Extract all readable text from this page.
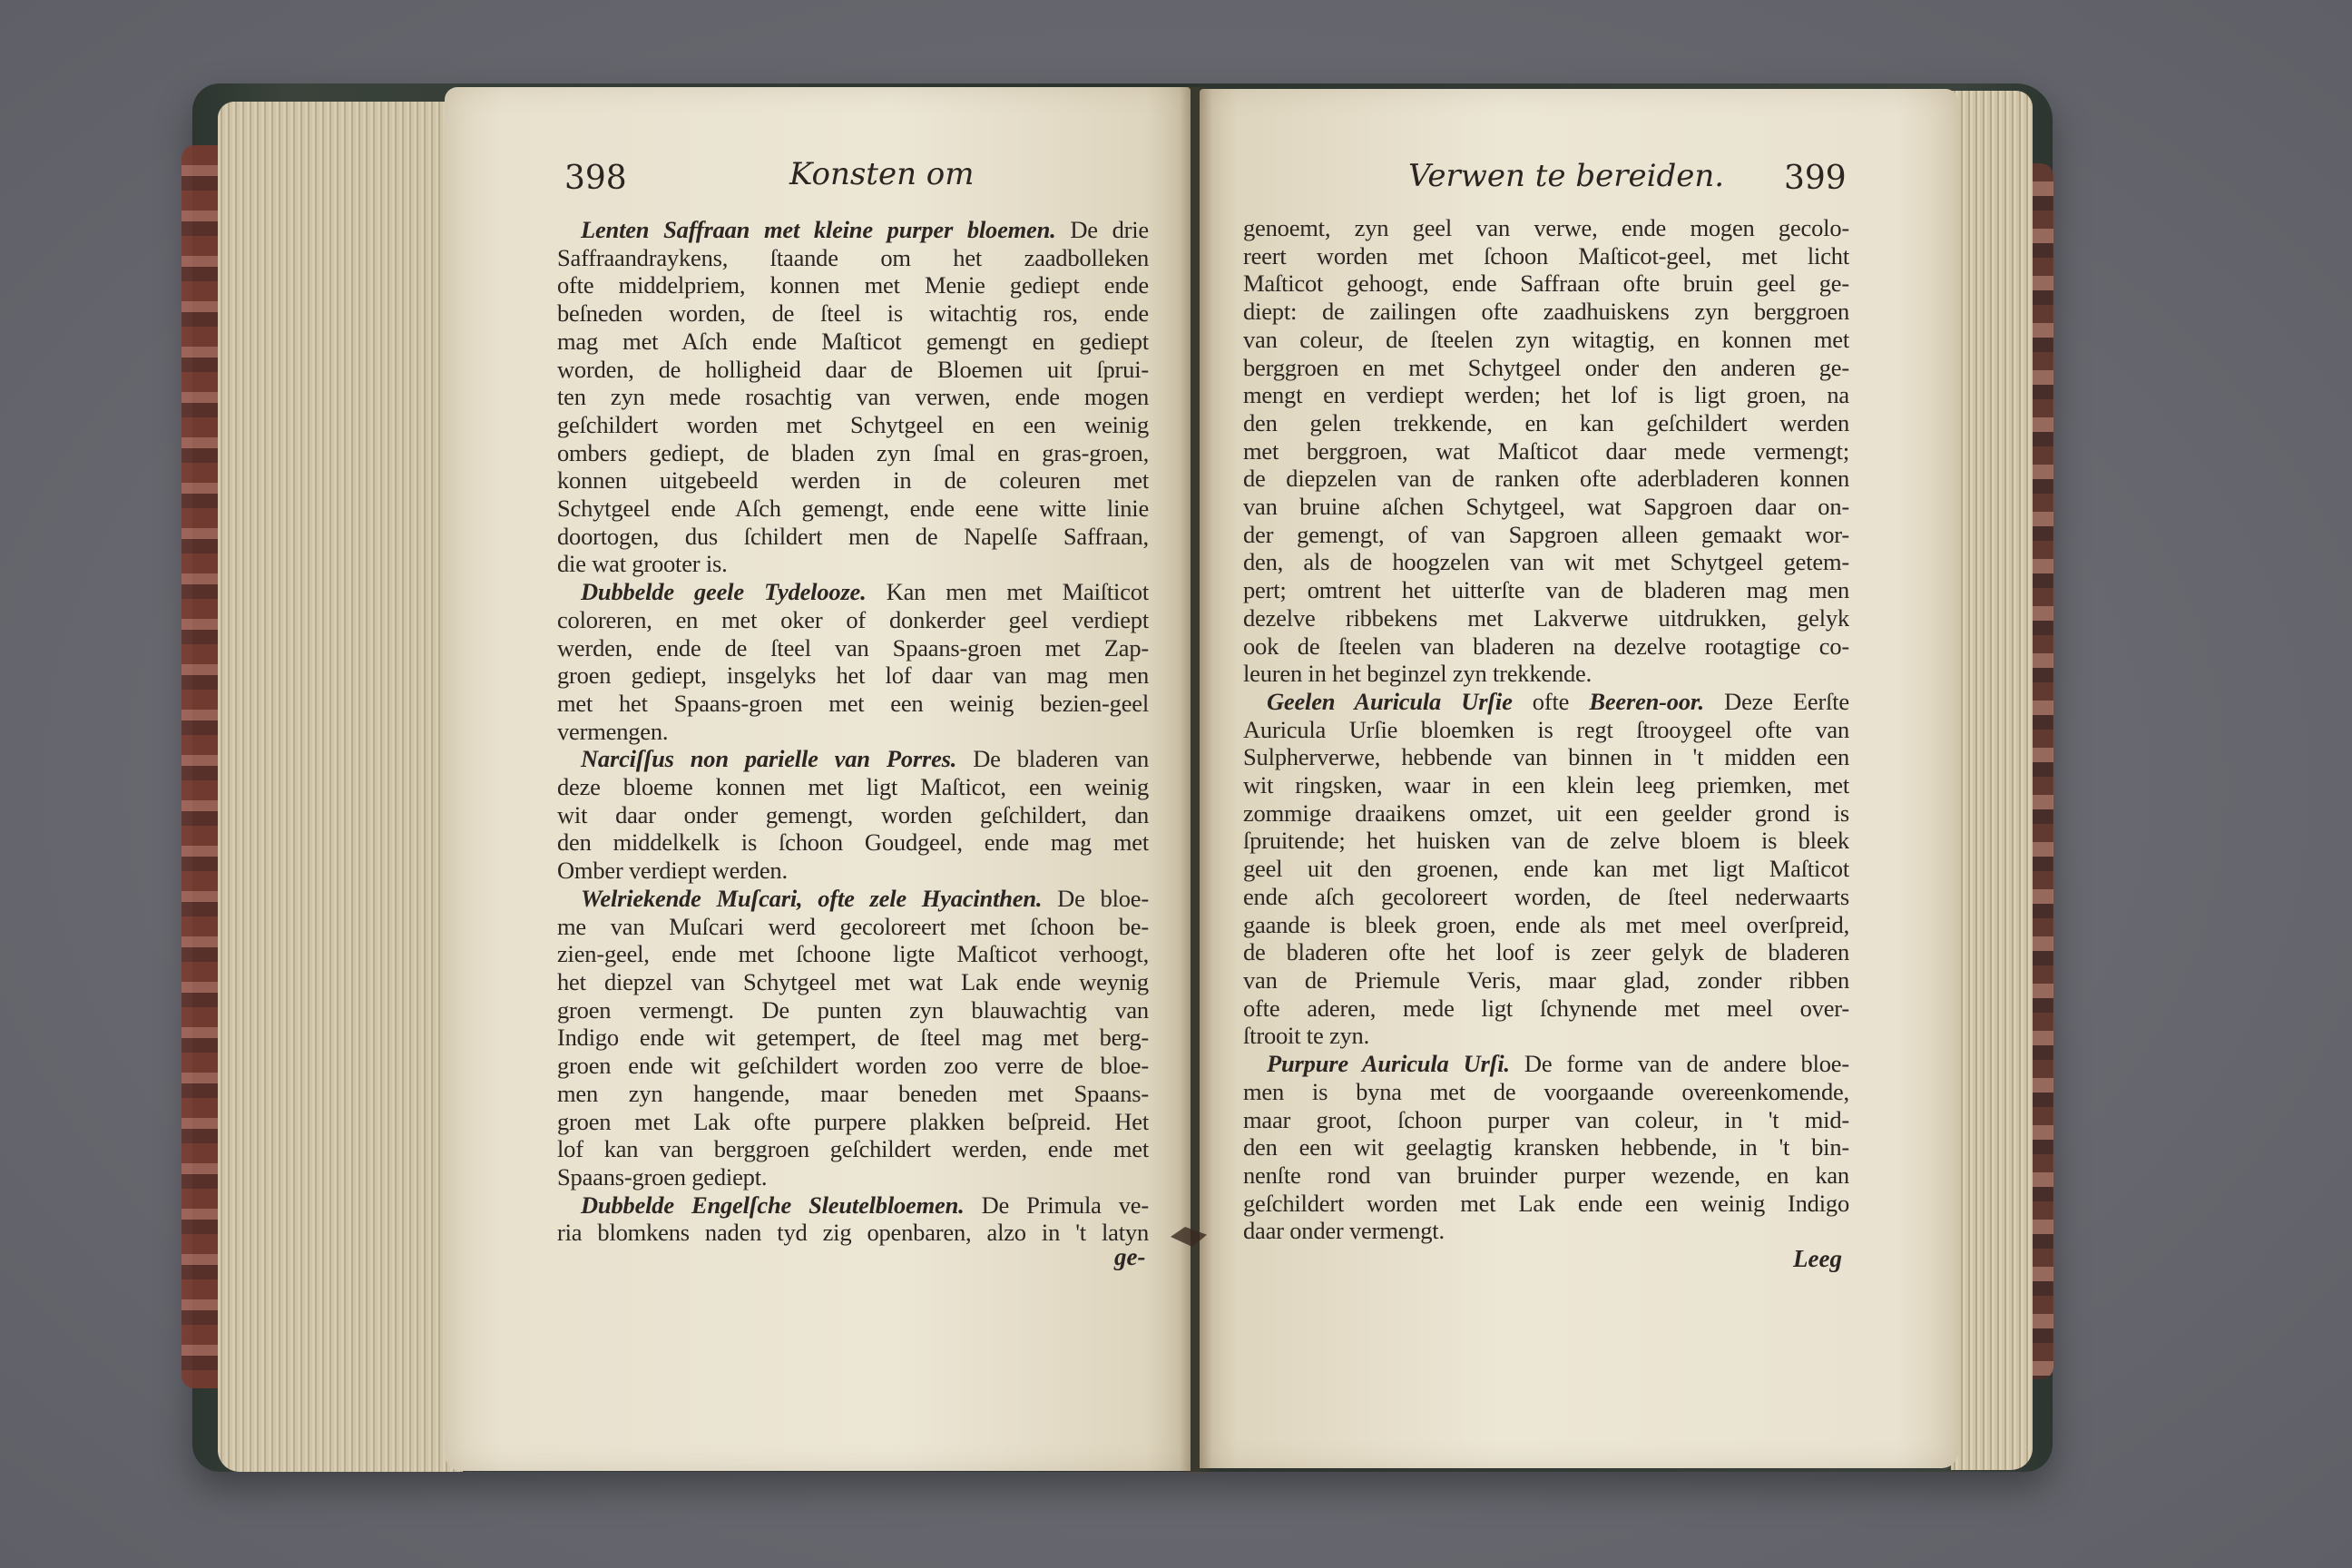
398	Konsten om	Verwen te bereiden. 399
Lenten Saffraan met kleine purper bloemen. De drie
Saffraandraykens, ſtaande om het zaadbolleken
ofte middelpriem, konnen met Menie gediept ende
beſneden worden, de ſteel is witachtig ros, ende
mag met Aſch ende Maſticot gemengt en gediept
worden, de holligheid daar de Bloemen uit ſprui-
ten zyn mede rosachtig van verwen, ende mogen
geſchildert worden met Schytgeel en een weinig
ombers gediept, de bladen zyn ſmal en gras-groen,
konnen uitgebeeld werden in de coleuren met
Schytgeel ende Aſch gemengt, ende eene witte linie
doortogen, dus ſchildert men de Napelſe Saffraan,
die wat grooter is.
Dubbelde geele Tydelooze. Kan men met Maiſticot
coloreren, en met oker of donkerder geel verdiept
werden, ende de ſteel van Spaans-groen met Zap-
groen gediept, insgelyks het lof daar van mag men
met het Spaans-groen met een weinig bezien-geel
vermengen.
Narciſſus non parielle van Porres. De bladeren van
deze bloeme konnen met ligt Maſticot, een weinig
wit daar onder gemengt, worden geſchildert, dan
den middelkelk is ſchoon Goudgeel, ende mag met
Omber verdiept werden.
Welriekende Muſcari, ofte zele Hyacinthen. De bloe-
me van Muſcari werd gecoloreert met ſchoon be-
zien-geel, ende met ſchoone ligte Maſticot verhoogt,
het diepzel van Schytgeel met wat Lak ende weynig
groen vermengt. De punten zyn blauwachtig van
Indigo ende wit getempert, de ſteel mag met berg-
groen ende wit geſchildert worden zoo verre de bloe-
men zyn hangende, maar beneden met Spaans-
groen met Lak ofte purpere plakken beſpreid. Het
lof kan van berggroen geſchildert werden, ende met
Spaans-groen gediept.
Dubbelde Engelſche Sleutelbloemen. De Primula ve-
ria blomkens naden tyd zig openbaren, alzo in 't latyn
ge-
genoemt, zyn geel van verwe, ende mogen gecolo-
reert worden met ſchoon Maſticot-geel, met licht
Maſticot gehoogt, ende Saffraan ofte bruin geel ge-
diept: de zailingen ofte zaadhuiskens zyn berggroen
van coleur, de ſteelen zyn witagtig, en konnen met
berggroen en met Schytgeel onder den anderen ge-
mengt en verdiept werden; het lof is ligt groen, na
den gelen trekkende, en kan geſchildert werden
met berggroen, wat Maſticot daar mede vermengt;
de diepzelen van de ranken ofte aderbladeren konnen
van bruine aſchen Schytgeel, wat Sapgroen daar on-
der gemengt, of van Sapgroen alleen gemaakt wor-
den, als de hoogzelen van wit met Schytgeel getem-
pert; omtrent het uitterſte van de bladeren mag men
dezelve ribbekens met Lakverwe uitdrukken, gelyk
ook de ſteelen van bladeren na dezelve rootagtige co-
leuren in het beginzel zyn trekkende.
Geelen Auricula Urſie ofte Beeren-oor. Deze Eerſte
Auricula Urſie bloemken is regt ſtrooygeel ofte van
Sulpherverwe, hebbende van binnen in 't midden een
wit ringsken, waar in een klein leeg priemken, met
zommige draaikens omzet, uit een geelder grond is
ſpruitende; het huisken van de zelve bloem is bleek
geel uit den groenen, ende kan met ligt Maſticot
ende aſch gecoloreert worden, de ſteel nederwaarts
gaande is bleek groen, ende als met meel overſpreid,
de bladeren ofte het loof is zeer gelyk de bladeren
van de Priemule Veris, maar glad, zonder ribben
ofte aderen, mede ligt ſchynende met meel over-
ſtrooit te zyn.
Purpure Auricula Urſi. De forme van de andere bloe-
men is byna met de voorgaande overeenkomende,
maar groot, ſchoon purper van coleur, in 't mid-
den een wit geelagtig kransken hebbende, in 't bin-
nenſte rond van bruinder purper wezende, en kan
geſchildert worden met Lak ende een weinig Indigo
daar onder vermengt.
Leeg
